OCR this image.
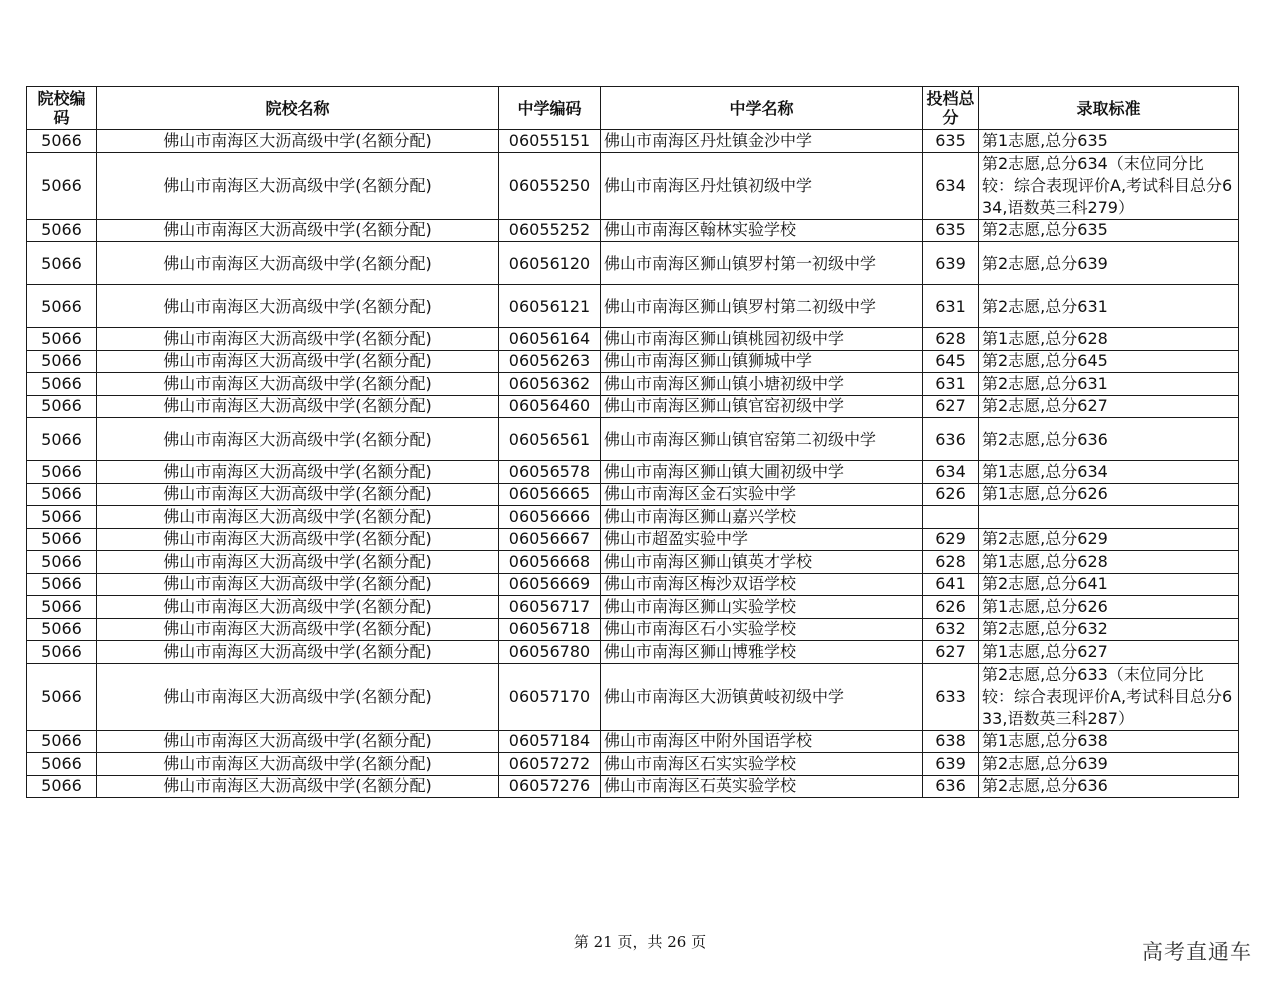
院校编码	院校名称	中学编码	中学名称	投档总分	录取标准
5066	佛山市南海区大沥高级中学(名额分配)	06055151	佛山市南海区丹灶镇金沙中学	635	第1志愿,总分635
5066	佛山市南海区大沥高级中学(名额分配)	06055250	佛山市南海区丹灶镇初级中学	634	第2志愿,总分634（末位同分比较：综合表现评价A,考试科目总分634,语数英三科279）
5066	佛山市南海区大沥高级中学(名额分配)	06055252	佛山市南海区翰林实验学校	635	第2志愿,总分635
5066	佛山市南海区大沥高级中学(名额分配)	06056120	佛山市南海区狮山镇罗村第一初级中学	639	第2志愿,总分639
5066	佛山市南海区大沥高级中学(名额分配)	06056121	佛山市南海区狮山镇罗村第二初级中学	631	第2志愿,总分631
5066	佛山市南海区大沥高级中学(名额分配)	06056164	佛山市南海区狮山镇桃园初级中学	628	第1志愿,总分628
5066	佛山市南海区大沥高级中学(名额分配)	06056263	佛山市南海区狮山镇狮城中学	645	第2志愿,总分645
5066	佛山市南海区大沥高级中学(名额分配)	06056362	佛山市南海区狮山镇小塘初级中学	631	第2志愿,总分631
5066	佛山市南海区大沥高级中学(名额分配)	06056460	佛山市南海区狮山镇官窑初级中学	627	第2志愿,总分627
5066	佛山市南海区大沥高级中学(名额分配)	06056561	佛山市南海区狮山镇官窑第二初级中学	636	第2志愿,总分636
5066	佛山市南海区大沥高级中学(名额分配)	06056578	佛山市南海区狮山镇大圃初级中学	634	第1志愿,总分634
5066	佛山市南海区大沥高级中学(名额分配)	06056665	佛山市南海区金石实验中学	626	第1志愿,总分626
5066	佛山市南海区大沥高级中学(名额分配)	06056666	佛山市南海区狮山嘉兴学校		
5066	佛山市南海区大沥高级中学(名额分配)	06056667	佛山市超盈实验中学	629	第2志愿,总分629
5066	佛山市南海区大沥高级中学(名额分配)	06056668	佛山市南海区狮山镇英才学校	628	第1志愿,总分628
5066	佛山市南海区大沥高级中学(名额分配)	06056669	佛山市南海区梅沙双语学校	641	第2志愿,总分641
5066	佛山市南海区大沥高级中学(名额分配)	06056717	佛山市南海区狮山实验学校	626	第1志愿,总分626
5066	佛山市南海区大沥高级中学(名额分配)	06056718	佛山市南海区石小实验学校	632	第2志愿,总分632
5066	佛山市南海区大沥高级中学(名额分配)	06056780	佛山市南海区狮山博雅学校	627	第1志愿,总分627
5066	佛山市南海区大沥高级中学(名额分配)	06057170	佛山市南海区大沥镇黄岐初级中学	633	第2志愿,总分633（末位同分比较：综合表现评价A,考试科目总分633,语数英三科287）
5066	佛山市南海区大沥高级中学(名额分配)	06057184	佛山市南海区中附外国语学校	638	第1志愿,总分638
5066	佛山市南海区大沥高级中学(名额分配)	06057272	佛山市南海区石实实验学校	639	第2志愿,总分639
5066	佛山市南海区大沥高级中学(名额分配)	06057276	佛山市南海区石英实验学校	636	第2志愿,总分636
第 21 页，共 26 页	高考直通车
